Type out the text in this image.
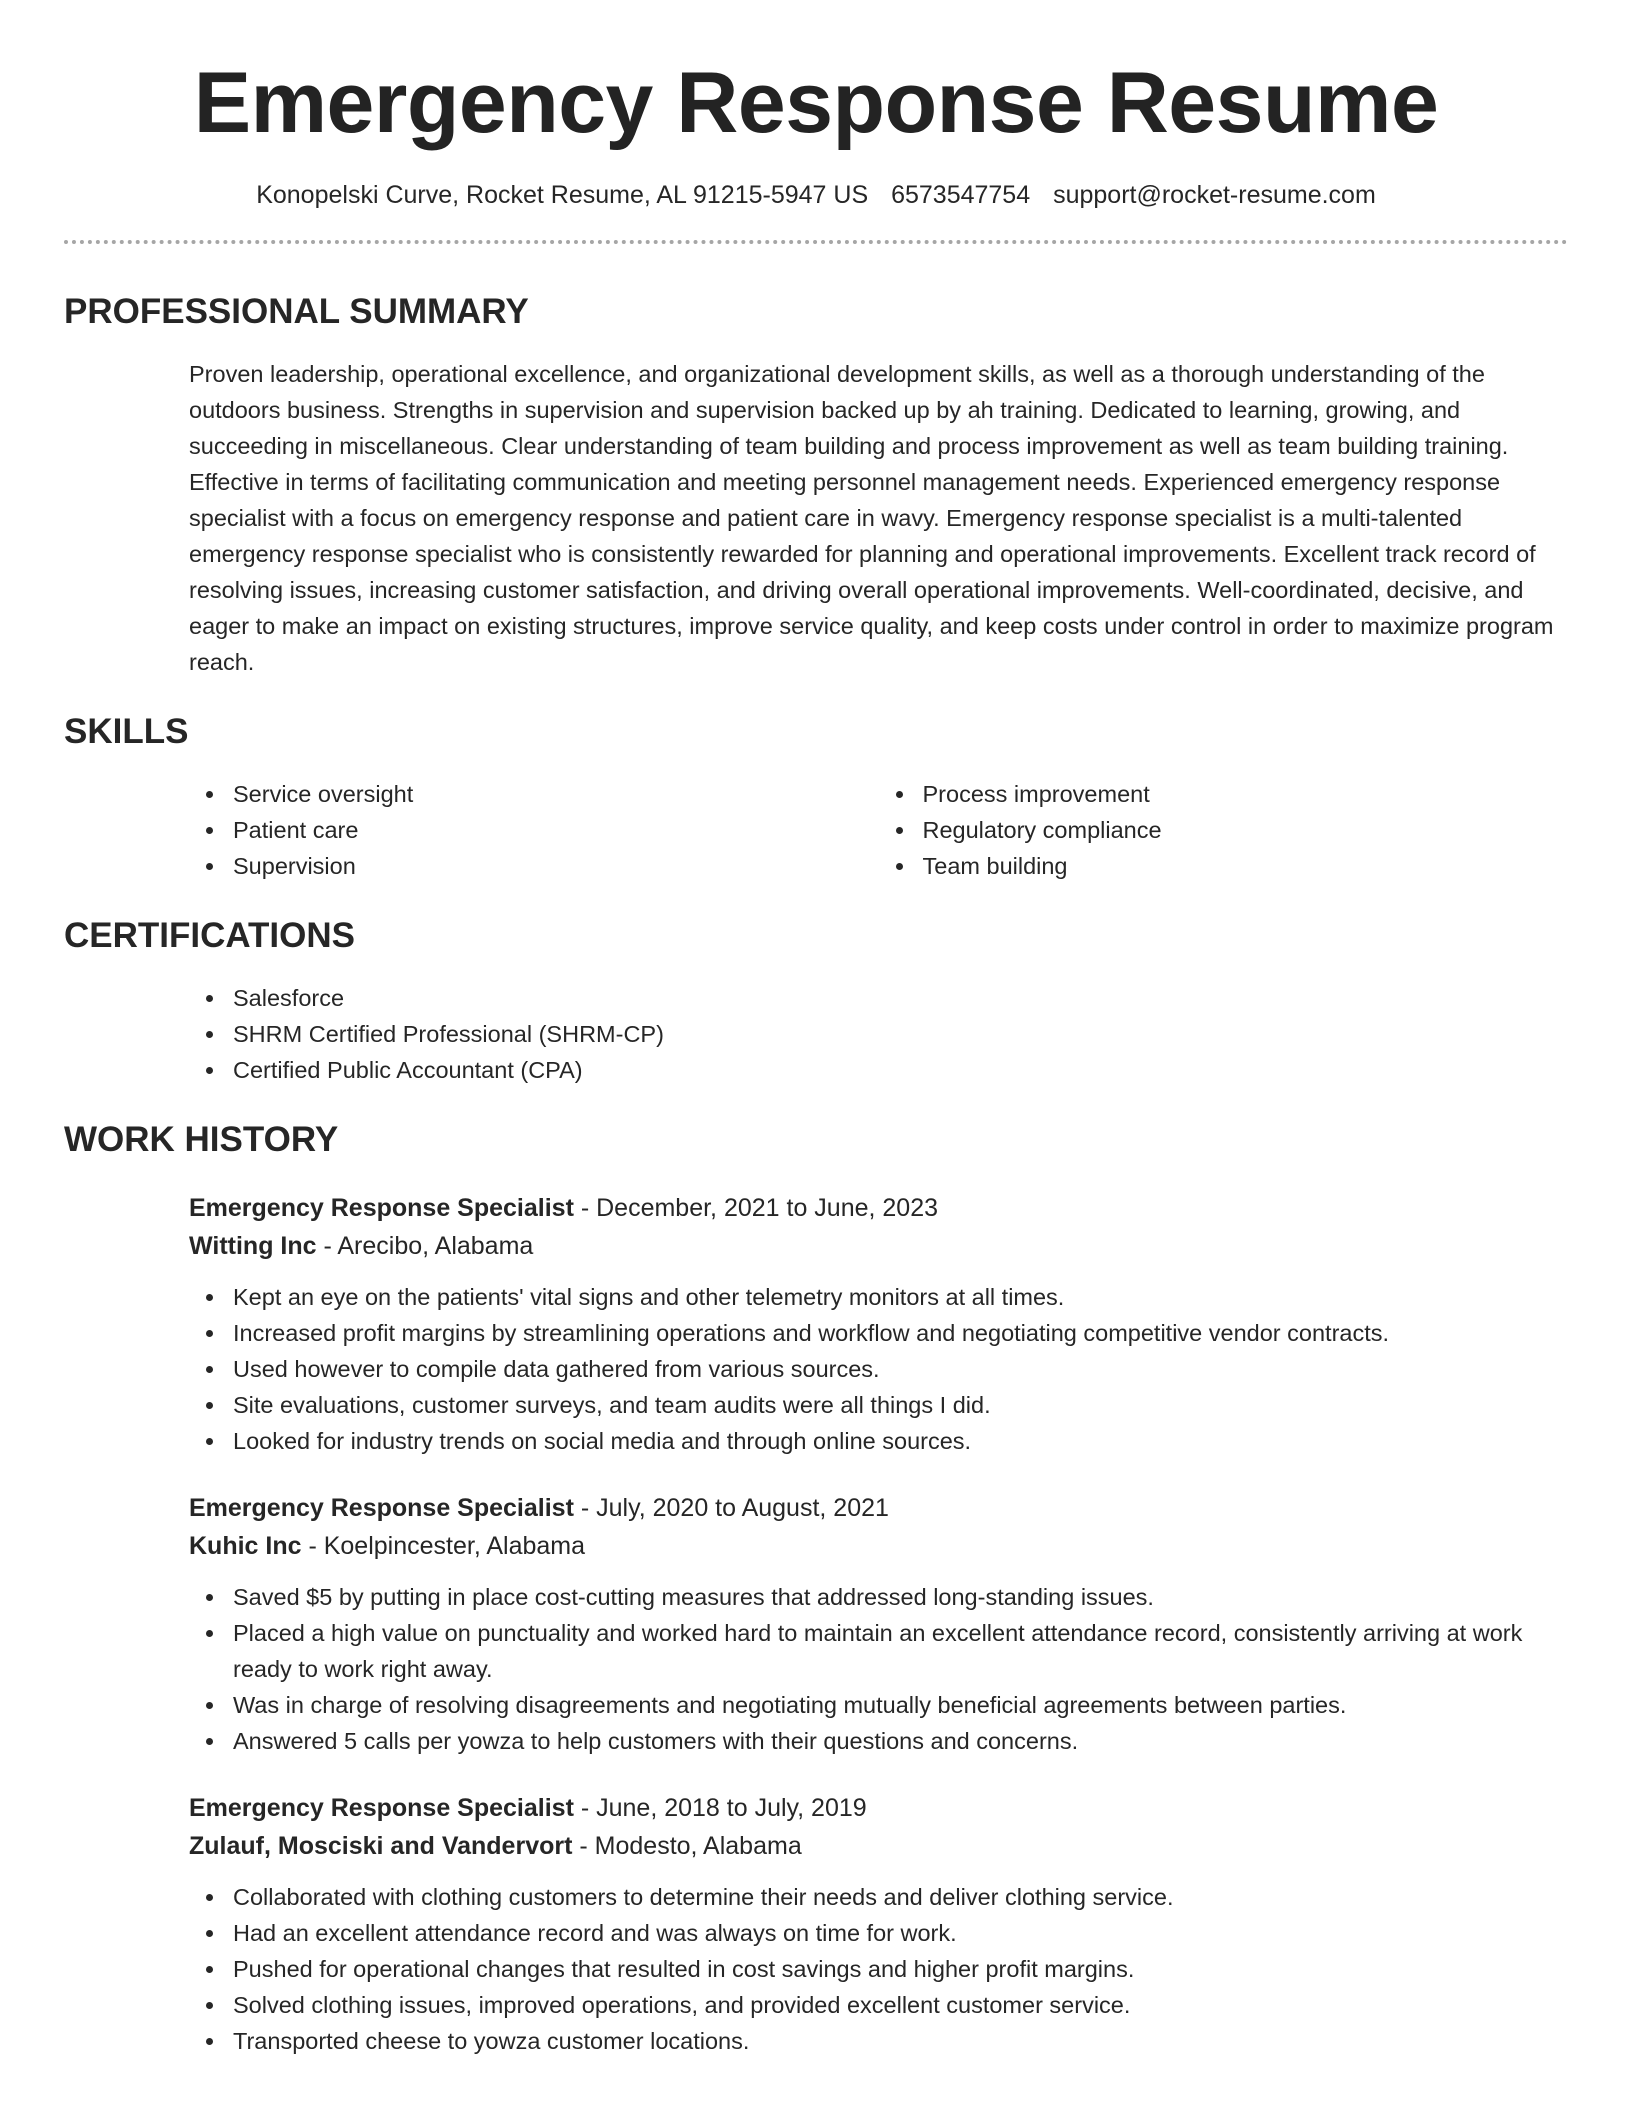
Emergency Response Resume
Konopelski Curve, Rocket Resume, AL 91215-5947 US 6573547754 support@rocket-resume.com
PROFESSIONAL SUMMARY
Proven leadership, operational excellence, and organizational development skills, as well as a thorough understanding of the outdoors business. Strengths in supervision and supervision backed up by ah training. Dedicated to learning, growing, and succeeding in miscellaneous. Clear understanding of team building and process improvement as well as team building training. Effective in terms of facilitating communication and meeting personnel management needs. Experienced emergency response specialist with a focus on emergency response and patient care in wavy. Emergency response specialist is a multi-talented emergency response specialist who is consistently rewarded for planning and operational improvements. Excellent track record of resolving issues, increasing customer satisfaction, and driving overall operational improvements. Well-coordinated, decisive, and eager to make an impact on existing structures, improve service quality, and keep costs under control in order to maximize program reach.
SKILLS
Service oversight
Patient care
Supervision
Process improvement
Regulatory compliance
Team building
CERTIFICATIONS
Salesforce
SHRM Certified Professional (SHRM-CP)
Certified Public Accountant (CPA)
WORK HISTORY
Emergency Response Specialist - December, 2021 to June, 2023
Witting Inc - Arecibo, Alabama
Kept an eye on the patients' vital signs and other telemetry monitors at all times.
Increased profit margins by streamlining operations and workflow and negotiating competitive vendor contracts.
Used however to compile data gathered from various sources.
Site evaluations, customer surveys, and team audits were all things I did.
Looked for industry trends on social media and through online sources.
Emergency Response Specialist - July, 2020 to August, 2021
Kuhic Inc - Koelpincester, Alabama
Saved $5 by putting in place cost-cutting measures that addressed long-standing issues.
Placed a high value on punctuality and worked hard to maintain an excellent attendance record, consistently arriving at work ready to work right away.
Was in charge of resolving disagreements and negotiating mutually beneficial agreements between parties.
Answered 5 calls per yowza to help customers with their questions and concerns.
Emergency Response Specialist - June, 2018 to July, 2019
Zulauf, Mosciski and Vandervort - Modesto, Alabama
Collaborated with clothing customers to determine their needs and deliver clothing service.
Had an excellent attendance record and was always on time for work.
Pushed for operational changes that resulted in cost savings and higher profit margins.
Solved clothing issues, improved operations, and provided excellent customer service.
Transported cheese to yowza customer locations.
